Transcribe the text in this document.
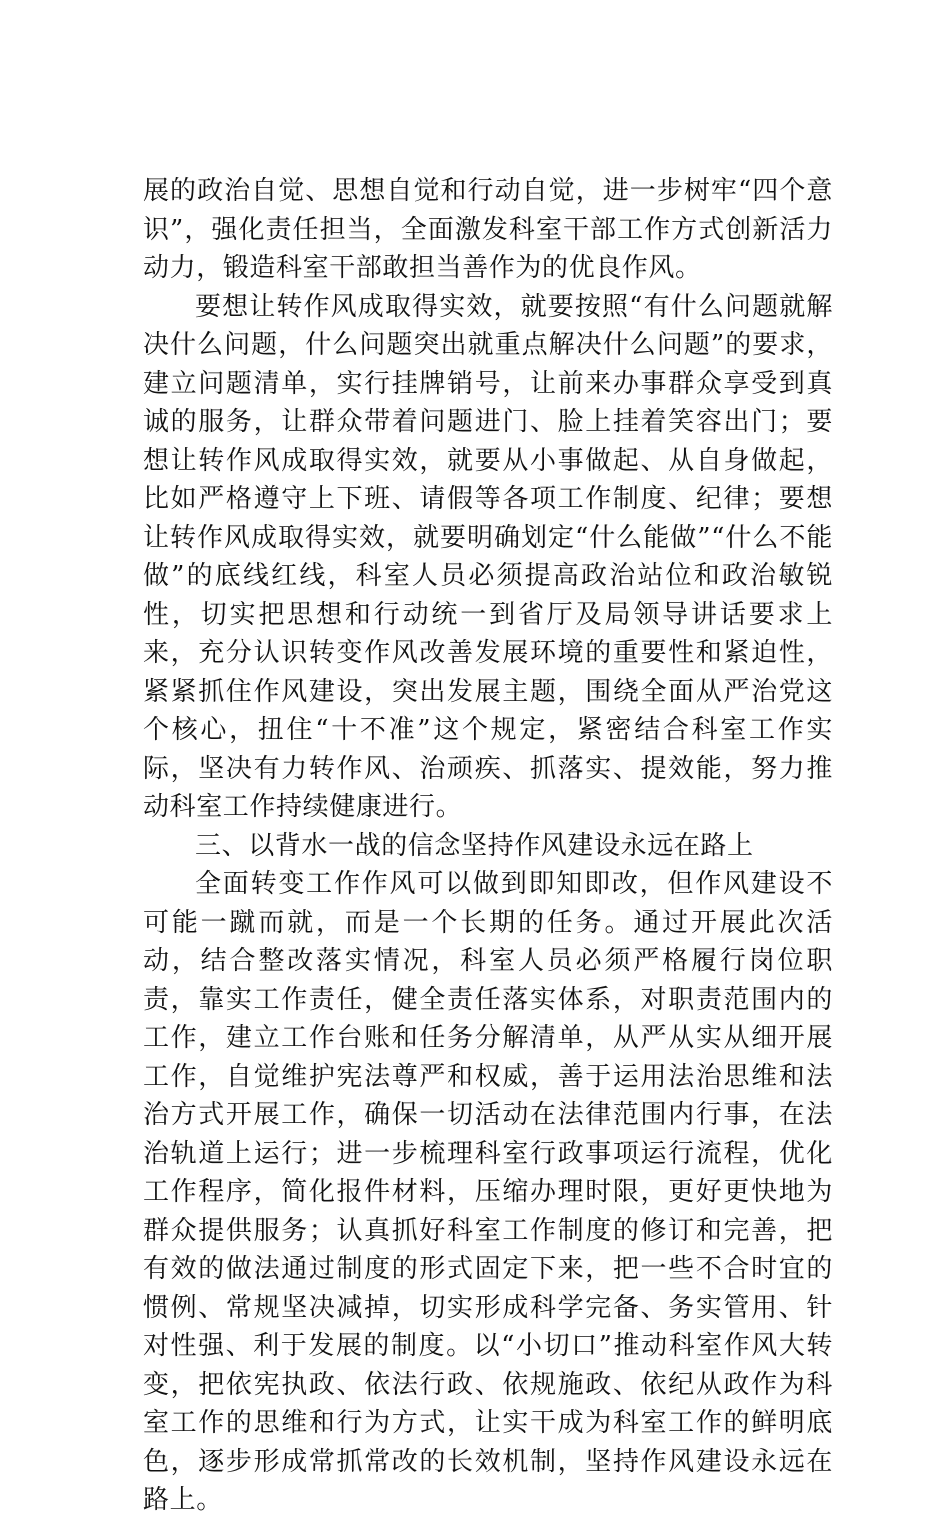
展的政治自觉、思想自觉和行动自觉，进一步树牢“四个意识”，强化责任担当，全面激发科室干部工作方式创新活力动力，锻造科室干部敢担当善作为的优良作风。

要想让转作风成取得实效，就要按照“有什么问题就解决什么问题，什么问题突出就重点解决什么问题”的要求，建立问题清单，实行挂牌销号，让前来办事群众享受到真诚的服务，让群众带着问题进门、脸上挂着笑容出门；要想让转作风成取得实效，就要从小事做起、从自身做起，比如严格遵守上下班、请假等各项工作制度、纪律；要想让转作风成取得实效，就要明确划定“什么能做”“什么不能做”的底线红线，科室人员必须提高政治站位和政治敏锐性，切实把思想和行动统一到省厅及局领导讲话要求上来，充分认识转变作风改善发展环境的重要性和紧迫性，紧紧抓住作风建设，突出发展主题，围绕全面从严治党这个核心，扭住“十不准”这个规定，紧密结合科室工作实际，坚决有力转作风、治顽疾、抓落实、提效能，努力推动科室工作持续健康进行。

三、以背水一战的信念坚持作风建设永远在路上

全面转变工作作风可以做到即知即改，但作风建设不可能一蹴而就，而是一个长期的任务。通过开展此次活动，结合整改落实情况，科室人员必须严格履行岗位职责，靠实工作责任，健全责任落实体系，对职责范围内的工作，建立工作台账和任务分解清单，从严从实从细开展工作，自觉维护宪法尊严和权威，善于运用法治思维和法治方式开展工作，确保一切活动在法律范围内行事，在法治轨道上运行；进一步梳理科室行政事项运行流程，优化工作程序，简化报件材料，压缩办理时限，更好更快地为群众提供服务；认真抓好科室工作制度的修订和完善，把有效的做法通过制度的形式固定下来，把一些不合时宜的惯例、常规坚决减掉，切实形成科学完备、务实管用、针对性强、利于发展的制度。以“小切口”推动科室作风大转变，把依宪执政、依法行政、依规施政、依纪从政作为科室工作的思维和行为方式，让实干成为科室工作的鲜明底色，逐步形成常抓常改的长效机制，坚持作风建设永远在路上。
